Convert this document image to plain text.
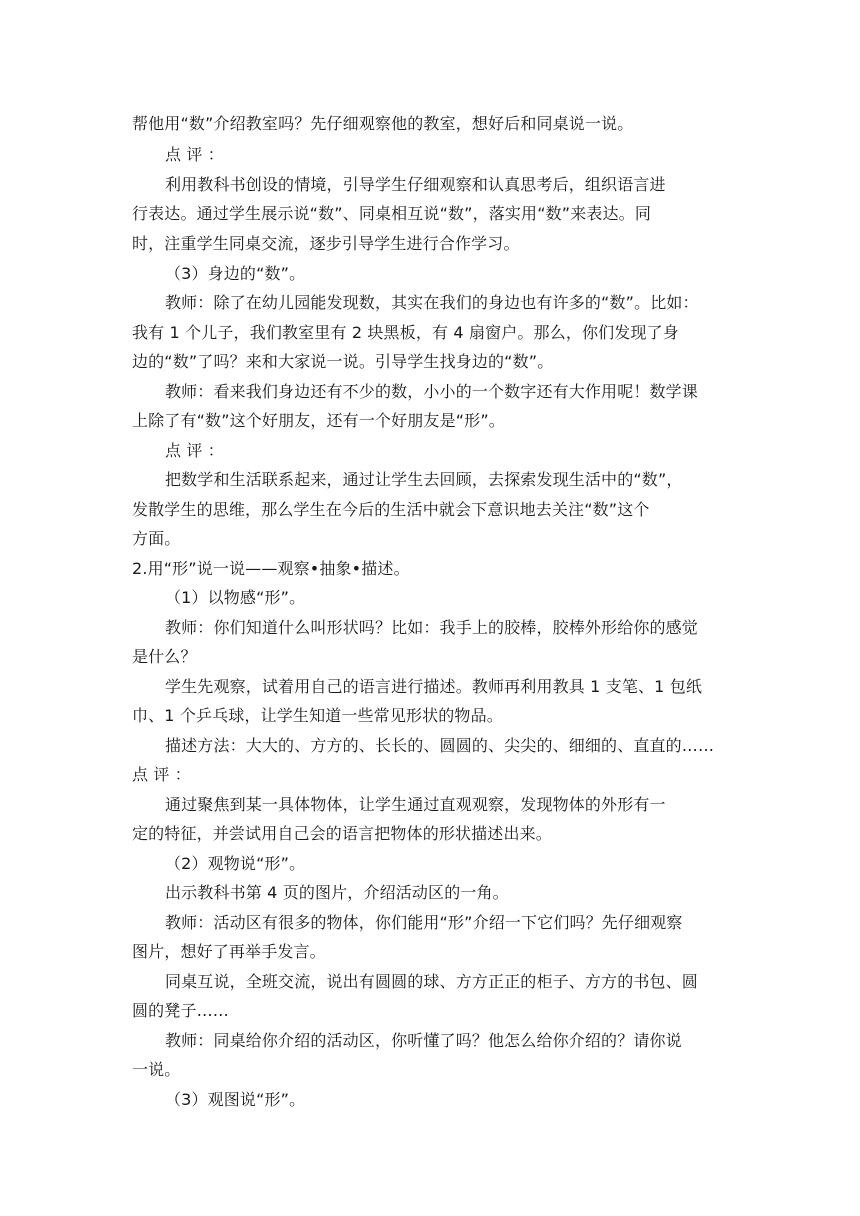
帮他用“数”介绍教室吗？先仔细观察他的教室，想好后和同桌说一说。
点 评 ：
利用教科书创设的情境，引导学生仔细观察和认真思考后，组织语言进
行表达。通过学生展示说“数”、同桌相互说“数”，落实用“数”来表达。同
时，注重学生同桌交流，逐步引导学生进行合作学习。
（3）身边的“数”。
教师：除了在幼儿园能发现数，其实在我们的身边也有许多的“数”。比如：
我有 1 个儿子，我们教室里有 2 块黑板，有 4 扇窗户。那么，你们发现了身
边的“数”了吗？来和大家说一说。引导学生找身边的“数”。
教师：看来我们身边还有不少的数，小小的一个数字还有大作用呢！数学课
上除了有“数”这个好朋友，还有一个好朋友是“形”。
点 评 ：
把数学和生活联系起来，通过让学生去回顾，去探索发现生活中的“数”，
发散学生的思维，那么学生在今后的生活中就会下意识地去关注“数”这个
方面。
2.用“形”说一说——观察•抽象•描述。
（1）以物感“形”。
教师：你们知道什么叫形状吗？比如：我手上的胶棒，胶棒外形给你的感觉
是什么？
学生先观察，试着用自己的语言进行描述。教师再利用教具 1 支笔、1 包纸
巾、1 个乒乓球，让学生知道一些常见形状的物品。
描述方法：大大的、方方的、长长的、圆圆的、尖尖的、细细的、直直的……
点 评 ：
通过聚焦到某一具体物体，让学生通过直观观察，发现物体的外形有一
定的特征，并尝试用自己会的语言把物体的形状描述出来。
（2）观物说“形”。
出示教科书第 4 页的图片，介绍活动区的一角。
教师：活动区有很多的物体，你们能用“形”介绍一下它们吗？先仔细观察
图片，想好了再举手发言。
同桌互说，全班交流，说出有圆圆的球、方方正正的柜子、方方的书包、圆
圆的凳子……
教师：同桌给你介绍的活动区，你听懂了吗？他怎么给你介绍的？请你说
一说。
（3）观图说“形”。
